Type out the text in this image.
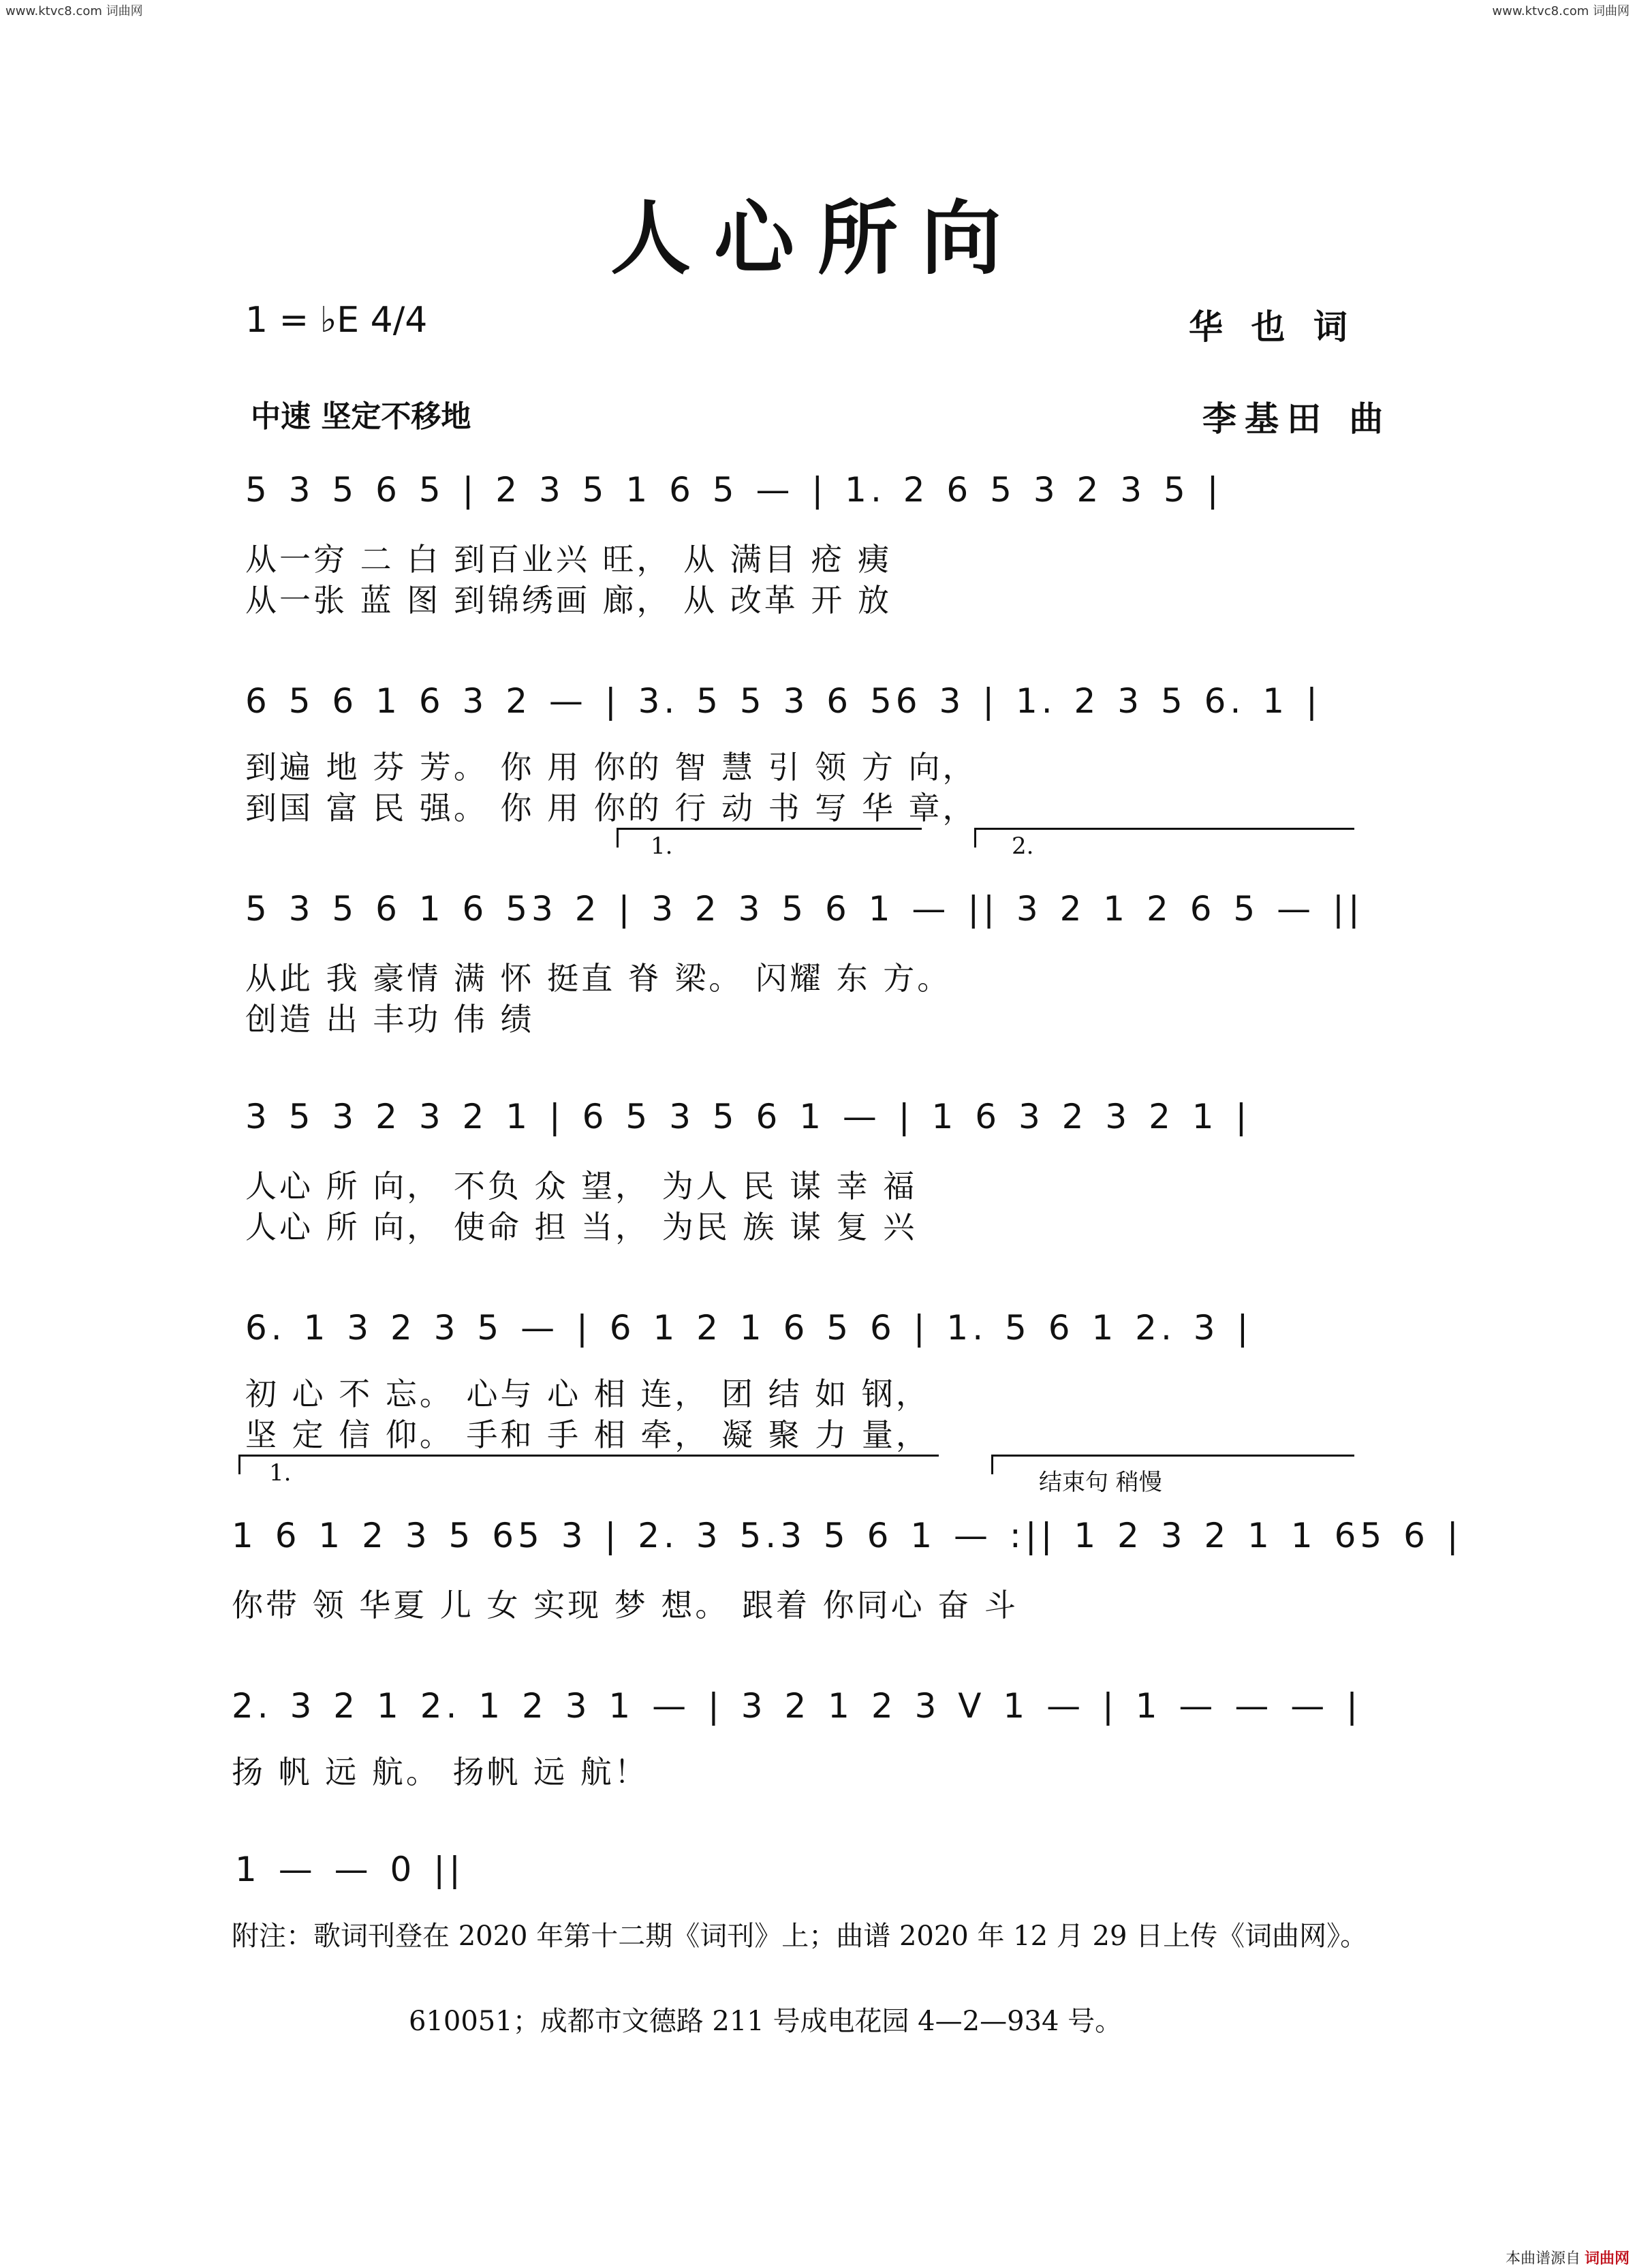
www.ktvc8.com 词曲网	www.ktvc8.com 词曲网
人心所向
1 = ♭E 4/4	华 也 词
中速 坚定不移地	李基田 曲
5 3 5 6 5 | 2 3 5 1 6 5 — | 1. 2 6 5 3 2 3 5 |
从一穷 二 白 到百业兴 旺， 从 满目 疮 痍
从一张 蓝 图 到锦绣画 廊， 从 改革 开 放
6 5 6 1 6 3 2 — | 3. 5 5 3 6 56 3 | 1. 2 3 5 6. 1 |
到遍 地 芬 芳。 你 用 你的 智 慧 引 领 方 向，
到国 富 民 强。 你 用 你的 行 动 书 写 华 章，
1.	2.
5 3 5 6 1 6 53 2 | 3 2 3 5 6 1 — || 3 2 1 2 6 5 — ||
从此 我 豪情 满 怀 挺直 脊 梁。 闪耀 东 方。
创造 出 丰功 伟 绩
3 5 3 2 3 2 1 | 6 5 3 5 6 1 — | 1 6 3 2 3 2 1 |
人心 所 向， 不负 众 望， 为人 民 谋 幸 福
人心 所 向， 使命 担 当， 为民 族 谋 复 兴
6. 1 3 2 3 5 — | 6 1 2 1 6 5 6 | 1. 5 6 1 2. 3 |
初 心 不 忘。 心与 心 相 连， 团 结 如 钢，
坚 定 信 仰。 手和 手 相 牵， 凝 聚 力 量，
1.	结束句 稍慢
1 6 1 2 3 5 65 3 | 2. 3 5.3 5 6 1 — :|| 1 2 3 2 1 1 65 6 |
你带 领 华夏 儿 女 实现 梦 想。 跟着 你同心 奋 斗
2. 3 2 1 2. 1 2 3 1 — | 3 2 1 2 3 V 1 — | 1 — — — |
扬 帆 远 航。 扬帆 远 航！
1 — — 0 ||
附注：歌词刊登在 2020 年第十二期《词刊》上；曲谱 2020 年 12 月 29 日上传《词曲网》。
610051；成都市文德路 211 号成电花园 4—2—934 号。
本曲谱源自 词曲网
